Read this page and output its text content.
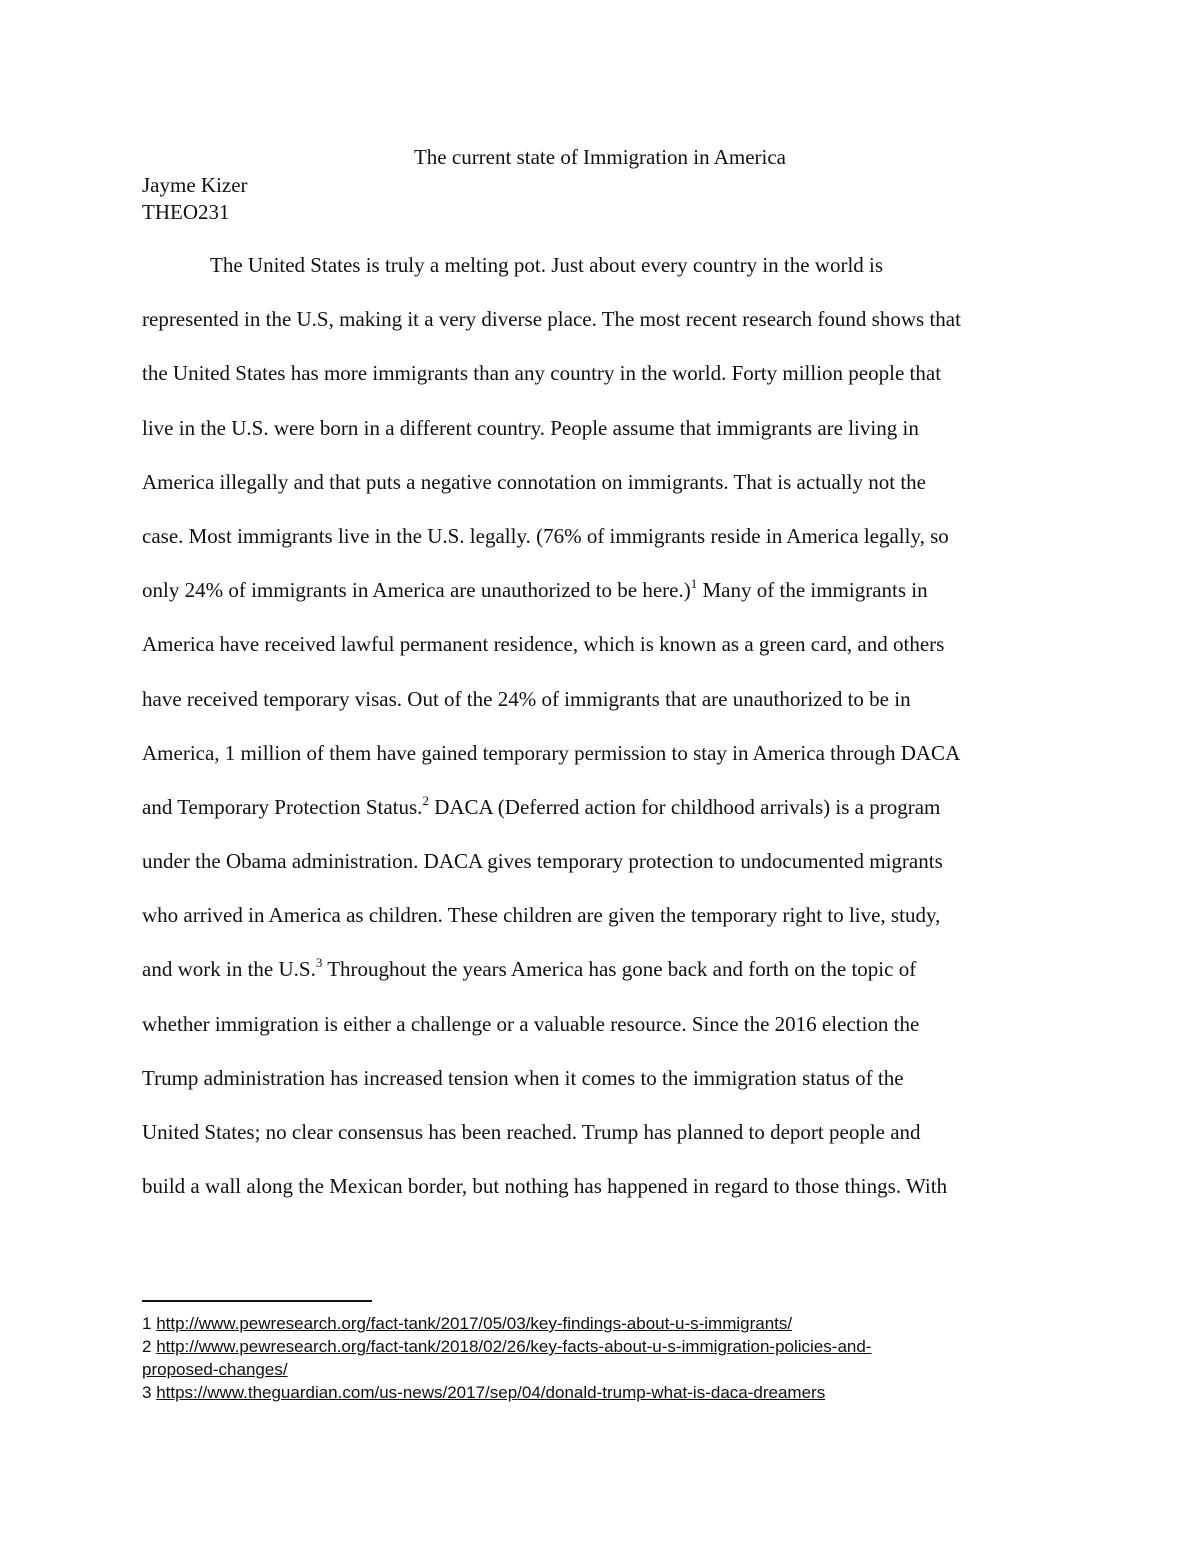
The current state of Immigration in America
Jayme Kizer
THEO231
The United States is truly a melting pot. Just about every country in the world is
represented in the U.S, making it a very diverse place. The most recent research found shows that
the United States has more immigrants than any country in the world. Forty million people that
live in the U.S. were born in a different country. People assume that immigrants are living in
America illegally and that puts a negative connotation on immigrants. That is actually not the
case. Most immigrants live in the U.S. legally. (76% of immigrants reside in America legally, so
only 24% of immigrants in America are unauthorized to be here.)$^1$ Many of the immigrants in
America have received lawful permanent residence, which is known as a green card, and others
have received temporary visas. Out of the 24% of immigrants that are unauthorized to be in
America, 1 million of them have gained temporary permission to stay in America through DACA
and Temporary Protection Status.$^2$ DACA (Deferred action for childhood arrivals) is a program
under the Obama administration. DACA gives temporary protection to undocumented migrants
who arrived in America as children. These children are given the temporary right to live, study,
and work in the U.S.$^3$ Throughout the years America has gone back and forth on the topic of
whether immigration is either a challenge or a valuable resource. Since the 2016 election the
Trump administration has increased tension when it comes to the immigration status of the
United States; no clear consensus has been reached. Trump has planned to deport people and
build a wall along the Mexican border, but nothing has happened in regard to those things. With
1 http://www.pewresearch.org/fact-tank/2017/05/03/key-findings-about-u-s-immigrants/
2 http://www.pewresearch.org/fact-tank/2018/02/26/key-facts-about-u-s-immigration-policies-and-
proposed-changes/
3 https://www.theguardian.com/us-news/2017/sep/04/donald-trump-what-is-daca-dreamers
